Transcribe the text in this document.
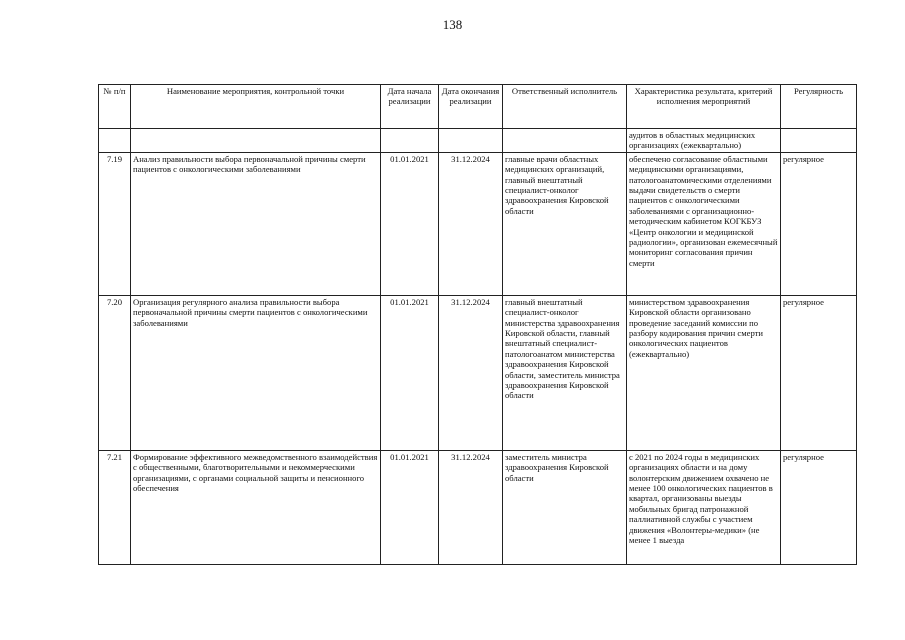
138
№ п/п	Наименование мероприятия, контрольной точки	Дата начала реализации	Дата окончания реализации	Ответственный исполнитель	Характеристика результата, критерий исполнения мероприятий	Регулярность
					аудитов в областных медицинских организациях (ежеквартально)	
7.19	Анализ правильности выбора первоначальной причины смерти пациентов с онкологическими заболеваниями	01.01.2021	31.12.2024	главные врачи областных медицинских организаций, главный внештатный специалист-онколог здравоохранения Кировской области	обеспечено согласование областными медицинскими организациями, патологоанатомическими отделениями выдачи свидетельств о смерти пациентов с онкологическими заболеваниями с организационно-методическим кабинетом КОГКБУЗ «Центр онкологии и медицинской радиологии», организован ежемесячный мониторинг согласования причин смерти	регулярное
7.20	Организация регулярного анализа правильности выбора первоначальной причины смерти пациентов с онкологическими заболеваниями	01.01.2021	31.12.2024	главный внештатный специалист-онколог министерства здравоохранения Кировской области, главный внештатный специалист-патологоанатом министерства здравоохранения Кировской области, заместитель министра здравоохранения Кировской области	министерством здравоохранения Кировской области организовано проведение заседаний комиссии по разбору кодирования причин смерти онкологических пациентов (ежеквартально)	регулярное
7.21	Формирование эффективного межведомственного взаимодействия с общественными, благотворительными и некоммерческими организациями, с органами социальной защиты и пенсионного обеспечения	01.01.2021	31.12.2024	заместитель министра здравоохранения Кировской области	с 2021 по 2024 годы в медицинских организациях области и на дому волонтерским движением охвачено не менее 100 онкологических пациентов в квартал, организованы выезды мобильных бригад патронажной паллиативной службы с участием движения «Волонтеры-медики» (не менее 1 выезда	регулярное
